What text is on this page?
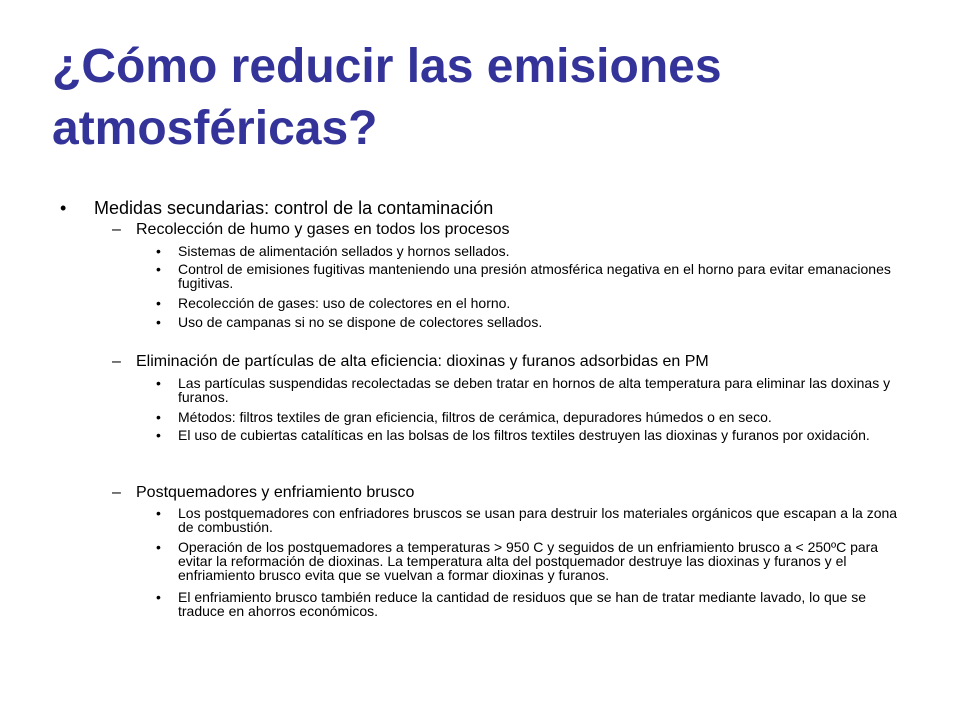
¿Cómo reducir las emisiones atmosféricas?
• Medidas secundarias: control de la contaminación
– Recolección de humo y gases en todos los procesos
• Sistemas de alimentación sellados y hornos sellados.
• Control de emisiones fugitivas manteniendo una presión atmosférica negativa en el horno para evitar emanaciones fugitivas.
• Recolección de gases: uso de colectores en el horno.
• Uso de campanas si no se dispone de colectores sellados.
– Eliminación de partículas de alta eficiencia: dioxinas y furanos adsorbidas en PM
• Las partículas suspendidas recolectadas se deben tratar en hornos de alta temperatura para eliminar las doxinas y furanos.
• Métodos: filtros textiles de gran eficiencia, filtros de cerámica, depuradores húmedos o en seco.
• El uso de cubiertas catalíticas en las bolsas de los filtros textiles destruyen las dioxinas y furanos por oxidación.
– Postquemadores y enfriamiento brusco
• Los postquemadores con enfriadores bruscos se usan para destruir los materiales orgánicos que escapan a la zona de combustión.
• Operación de los postquemadores a temperaturas > 950 C y seguidos de un enfriamiento brusco a < 250ºC para evitar la reformación de dioxinas. La temperatura alta del postquemador destruye las dioxinas y furanos y el enfriamiento brusco evita que se vuelvan a formar dioxinas y furanos.
• El enfriamiento brusco también reduce la cantidad de residuos que se han de tratar mediante lavado, lo que se traduce en ahorros económicos.
